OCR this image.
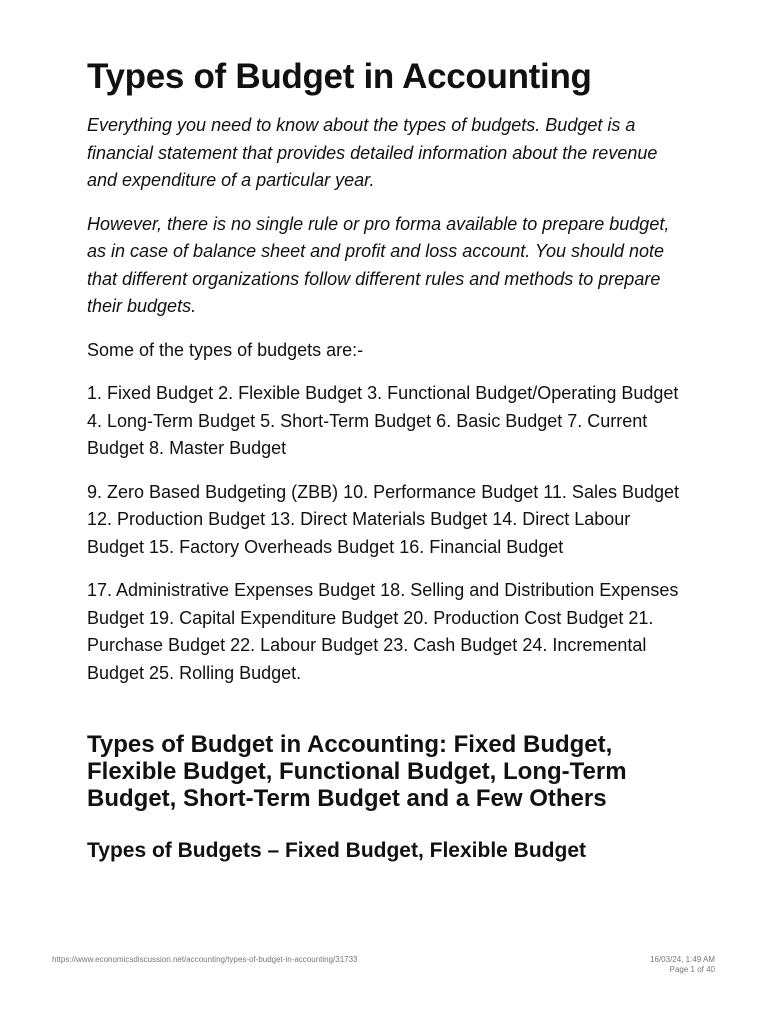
Types of Budget in Accounting

Everything you need to know about the types of budgets. Budget is a financial statement that provides detailed information about the revenue and expenditure of a particular year.

However, there is no single rule or pro forma available to prepare budget, as in case of balance sheet and profit and loss account. You should note that different organizations follow different rules and methods to prepare their budgets.

Some of the types of budgets are:-

1. Fixed Budget 2. Flexible Budget 3. Functional Budget/Operating Budget 4. Long-Term Budget 5. Short-Term Budget 6. Basic Budget 7. Current Budget 8. Master Budget

9. Zero Based Budgeting (ZBB) 10. Performance Budget 11. Sales Budget 12. Production Budget 13. Direct Materials Budget 14. Direct Labour Budget 15. Factory Overheads Budget 16. Financial Budget

17. Administrative Expenses Budget 18. Selling and Distribution Expenses Budget 19. Capital Expenditure Budget 20. Production Cost Budget 21. Purchase Budget 22. Labour Budget 23. Cash Budget 24. Incremental Budget 25. Rolling Budget.

Types of Budget in Accounting: Fixed Budget, Flexible Budget, Functional Budget, Long-Term Budget, Short-Term Budget and a Few Others
Types of Budgets – Fixed Budget, Flexible Budget
https://www.economicsdiscussion.net/accounting/types-of-budget-in-accounting/31733	16/03/24, 1:49 AM
Page 1 of 40
